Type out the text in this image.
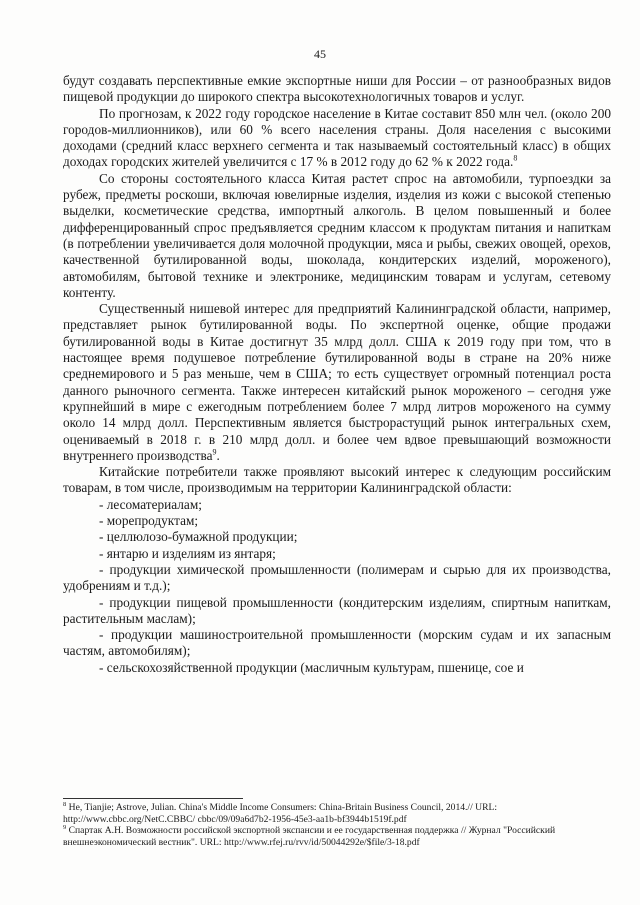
45

будут создавать перспективные емкие экспортные ниши для России – от разнообразных видов пищевой продукции до широкого спектра высокотехнологичных товаров и услуг.

По прогнозам, к 2022 году городское население в Китае составит 850 млн чел. (около 200 городов-миллионников), или 60 % всего населения страны. Доля населения с высокими доходами (средний класс верхнего сегмента и так называемый состоятельный класс) в общих доходах городских жителей увеличится с 17 % в 2012 году до 62 % к 2022 года.$^8$

Со стороны состоятельного класса Китая растет спрос на автомобили, турпоездки за рубеж, предметы роскоши, включая ювелирные изделия, изделия из кожи с высокой степенью выделки, косметические средства, импортный алкоголь. В целом повышенный и более дифференцированный спрос предъявляется средним классом к продуктам питания и напиткам (в потреблении увеличивается доля молочной продукции, мяса и рыбы, свежих овощей, орехов, качественной бутилированной воды, шоколада, кондитерских изделий, мороженого), автомобилям, бытовой технике и электронике, медицинским товарам и услугам, сетевому контенту.

Существенный нишевой интерес для предприятий Калининградской области, например, представляет рынок бутилированной воды. По экспертной оценке, общие продажи бутилированной воды в Китае достигнут 35 млрд долл. США к 2019 году при том, что в настоящее время подушевое потребление бутилированной воды в стране на 20% ниже среднемирового и 5 раз меньше, чем в США; то есть существует огромный потенциал роста данного рыночного сегмента. Также интересен китайский рынок мороженого – сегодня уже крупнейший в мире с ежегодным потреблением более 7 млрд литров мороженого на сумму около 14 млрд долл. Перспективным является быстрорастущий рынок интегральных схем, оцениваемый в 2018 г. в 210 млрд долл. и более чем вдвое превышающий возможности внутреннего производства$^9$.

Китайские потребители также проявляют высокий интерес к следующим российским товарам, в том числе, производимым на территории Калининградской области:

- лесоматериалам;

- морепродуктам;

- целлюлозо-бумажной продукции;

- янтарю и изделиям из янтаря;

- продукции химической промышленности (полимерам и сырью для их производства, удобрениям и т.д.);

- продукции пищевой промышленности (кондитерским изделиям, спиртным напиткам, растительным маслам);

- продукции машиностроительной промышленности (морским судам и их запасным частям, автомобилям);

- сельскохозяйственной продукции (масличным культурам, пшенице, сое и

$^8$ He, Tianjie; Astrove, Julian. China's Middle Income Consumers: China-Britain Business Council, 2014.// URL: http://www.cbbc.org/NetC.CBBC/ cbbc/09/09a6d7b2-1956-45e3-aa1b-bf3944b1519f.pdf

$^9$ Спартак А.Н. Возможности российской экспортной экспансии и ее государственная поддержка // Журнал "Российский внешнеэкономический вестник". URL: http://www.rfej.ru/rvv/id/50044292e/$file/3-18.pdf
